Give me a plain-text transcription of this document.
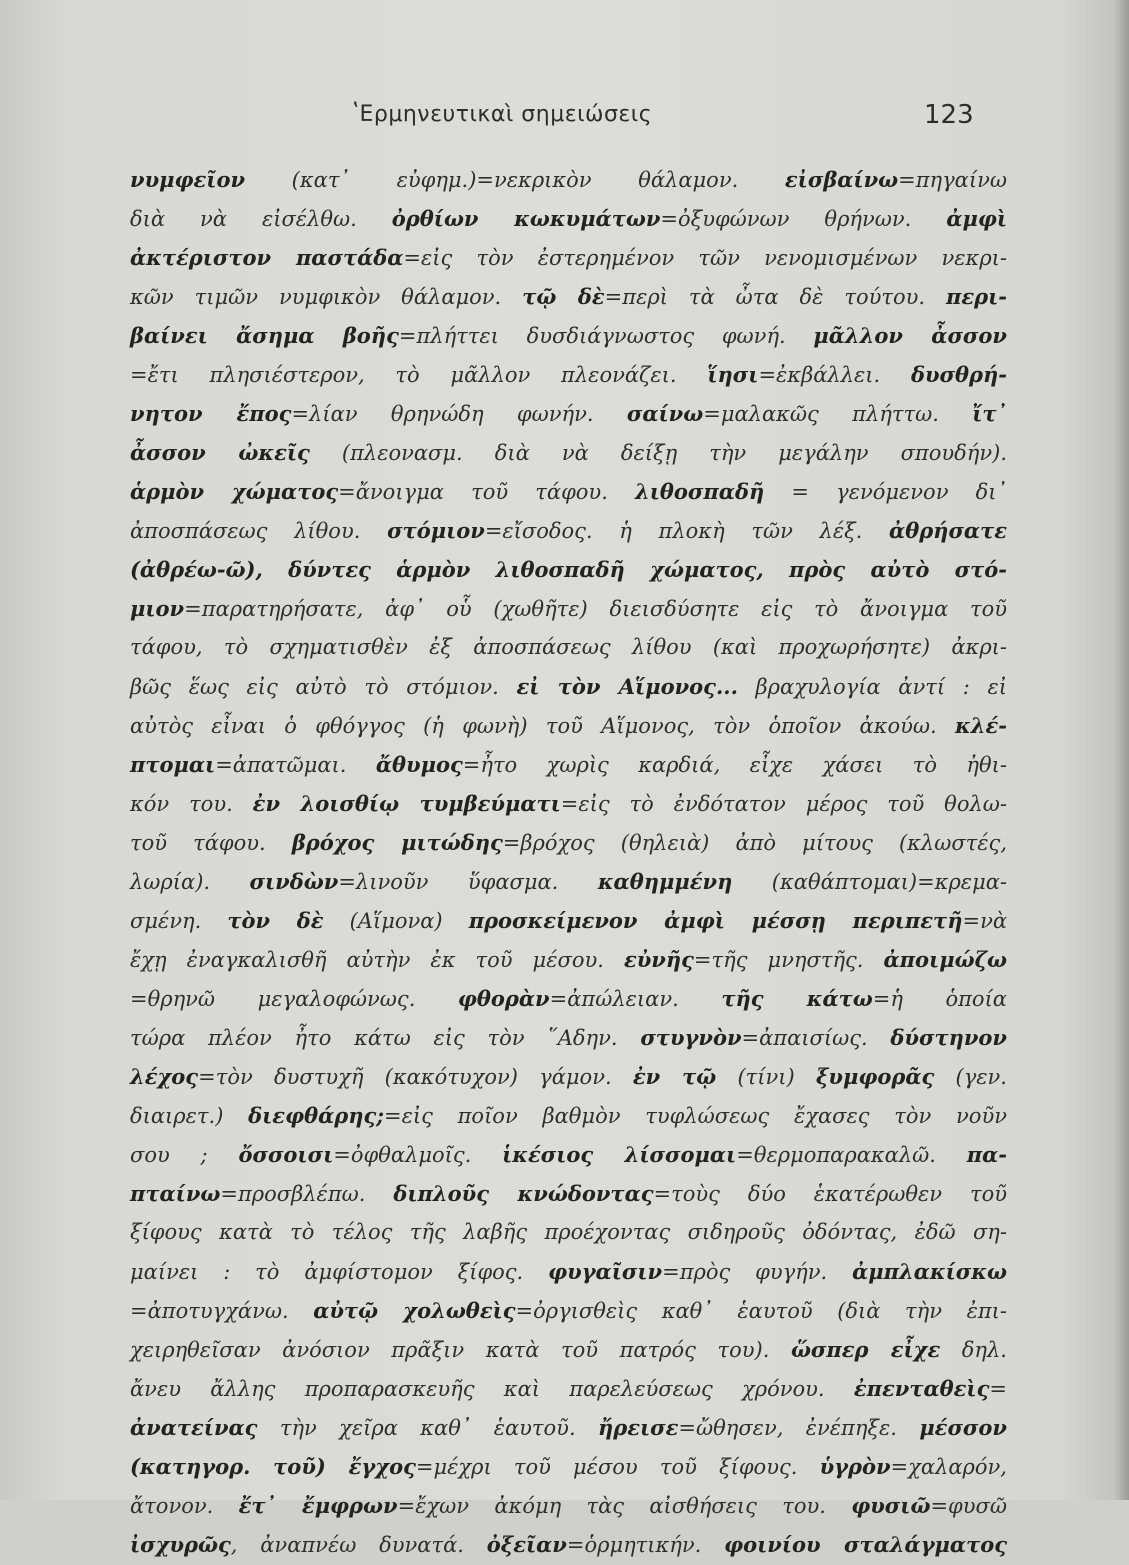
ʽΕρμηνευτικαὶ σημειώσεις	123
νυμφεῖον (κατ᾽ εὐφημ.)=νεκρικὸν θάλαμον. εἰσβαίνω=πηγαίνω
διὰ νὰ εἰσέλθω. ὀρθίων κωκυμάτων=ὀξυφώνων θρήνων. ἀμφὶ
ἀκτέριστον παστάδα=εἰς τὸν ἐστερημένον τῶν νενομισμένων νεκρι-
κῶν τιμῶν νυμφικὸν θάλαμον. τῷ δὲ=περὶ τὰ ὦτα δὲ τούτου. περι-
βαίνει ἄσημα βοῆς=πλήττει δυσδιάγνωστος φωνή. μᾶλλον ἆσσον
=ἔτι πλησιέστερον, τὸ μᾶλλον πλεονάζει. ἵησι=ἐκβάλλει. δυσθρή-
νητον ἔπος=λίαν θρηνώδη φωνήν. σαίνω=μαλακῶς πλήττω. ἴτ᾽
ἆσσον ὠκεῖς (πλεονασμ. διὰ νὰ δείξῃ τὴν μεγάλην σπουδήν).
ἁρμὸν χώματος=ἄνοιγμα τοῦ τάφου. λιθοσπαδῆ = γενόμενον δι᾽
ἀποσπάσεως λίθου. στόμιον=εἴσοδος. ἡ πλοκὴ τῶν λέξ. ἀθρήσατε
(ἀθρέω-ῶ), δύντες ἁρμὸν λιθοσπαδῆ χώματος, πρὸς αὐτὸ στό-
μιον=παρατηρήσατε, ἀφ᾽ οὗ (χωθῆτε) διεισδύσητε εἰς τὸ ἄνοιγμα τοῦ
τάφου, τὸ σχηματισθὲν ἐξ ἀποσπάσεως λίθου (καὶ προχωρήσητε) ἀκρι-
βῶς ἕως εἰς αὐτὸ τὸ στόμιον. εἰ τὸν Αἵμονος... βραχυλογία ἀντί : εἰ
αὐτὸς εἶναι ὁ φθόγγος (ἡ φωνὴ) τοῦ Αἵμονος, τὸν ὁποῖον ἀκούω. κλέ-
πτομαι=ἀπατῶμαι. ἄθυμος=ἦτο χωρὶς καρδιά, εἶχε χάσει τὸ ἠθι-
κόν του. ἐν λοισθίῳ τυμβεύματι=εἰς τὸ ἐνδότατον μέρος τοῦ θολω-
τοῦ τάφου. βρόχος μιτώδης=βρόχος (θηλειὰ) ἀπὸ μίτους (κλωστές,
λωρία). σινδὼν=λινοῦν ὕφασμα. καθημμένη (καθάπτομαι)=κρεμα-
σμένη. τὸν δὲ (Αἵμονα) προσκείμενον ἀμφὶ μέσσῃ περιπετῆ=νὰ
ἔχῃ ἐναγκαλισθῆ αὐτὴν ἐκ τοῦ μέσου. εὐνῆς=τῆς μνηστῆς. ἀποιμώζω
=θρηνῶ μεγαλοφώνως. φθορὰν=ἀπώλειαν. τῆς κάτω=ἡ ὁποία
τώρα πλέον ἦτο κάτω εἰς τὸν ῞Αδην. στυγνὸν=ἀπαισίως. δύστηνον
λέχος=τὸν δυστυχῆ (κακότυχον) γάμον. ἐν τῷ (τίνι) ξυμφορᾶς (γεν.
διαιρετ.) διεφθάρης;=εἰς ποῖον βαθμὸν τυφλώσεως ἔχασες τὸν νοῦν
σου ; ὄσσοισι=ὀφθαλμοῖς. ἱκέσιος λίσσομαι=θερμοπαρακαλῶ. πα-
πταίνω=προσβλέπω. διπλοῦς κνώδοντας=τοὺς δύο ἑκατέρωθεν τοῦ
ξίφους κατὰ τὸ τέλος τῆς λαβῆς προέχοντας σιδηροῦς ὀδόντας, ἐδῶ ση-
μαίνει : τὸ ἀμφίστομον ξίφος. φυγαῖσιν=πρὸς φυγήν. ἀμπλακίσκω
=ἀποτυγχάνω. αὐτῷ χολωθεὶς=ὀργισθεὶς καθ᾽ ἑαυτοῦ (διὰ τὴν ἐπι-
χειρηθεῖσαν ἀνόσιον πρᾶξιν κατὰ τοῦ πατρός του). ὥσπερ εἶχε δηλ.
ἄνευ ἄλλης προπαρασκευῆς καὶ παρελεύσεως χρόνου. ἐπενταθεὶς=
ἀνατείνας τὴν χεῖρα καθ᾽ ἑαυτοῦ. ἤρεισε=ὤθησεν, ἐνέπηξε. μέσσον
(κατηγορ. τοῦ) ἔγχος=μέχρι τοῦ μέσου τοῦ ξίφους. ὑγρὸν=χαλαρόν,
ἄτονον. ἔτ᾽ ἔμφρων=ἔχων ἀκόμη τὰς αἰσθήσεις του. φυσιῶ=φυσῶ
ἰσχυρῶς, ἀναπνέω δυνατά. ὀξεῖαν=ὁρμητικήν. φοινίου σταλάγματος
